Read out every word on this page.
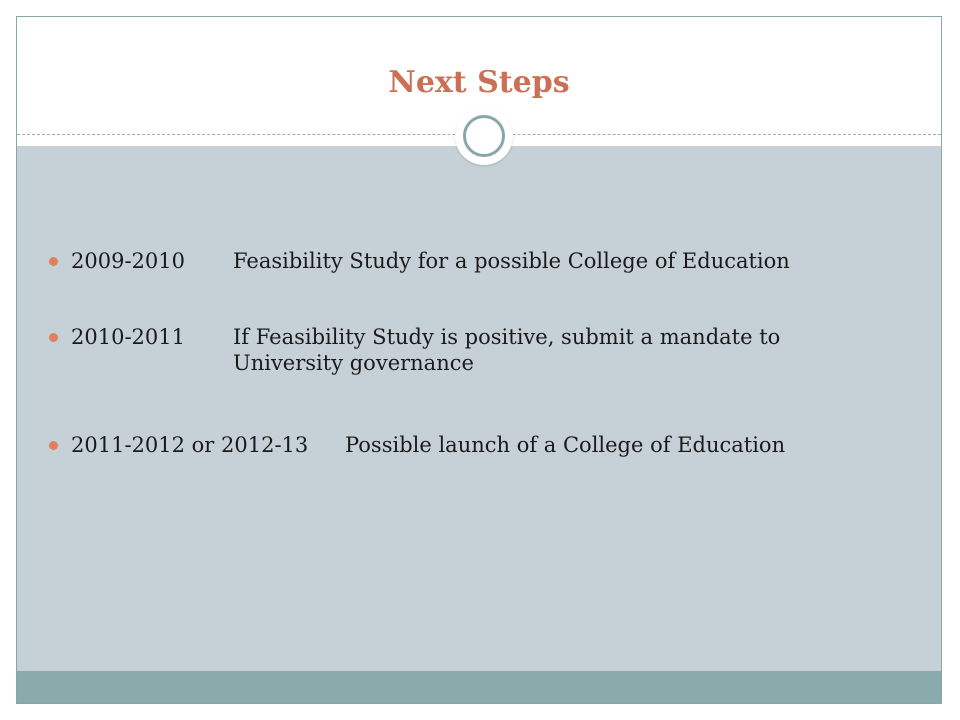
Next Steps
2009-2010	Feasibility Study for a possible College of Education
2010-2011	If Feasibility Study is positive, submit a mandate to University governance
2011-2012 or 2012-13	Possible launch of a College of Education
